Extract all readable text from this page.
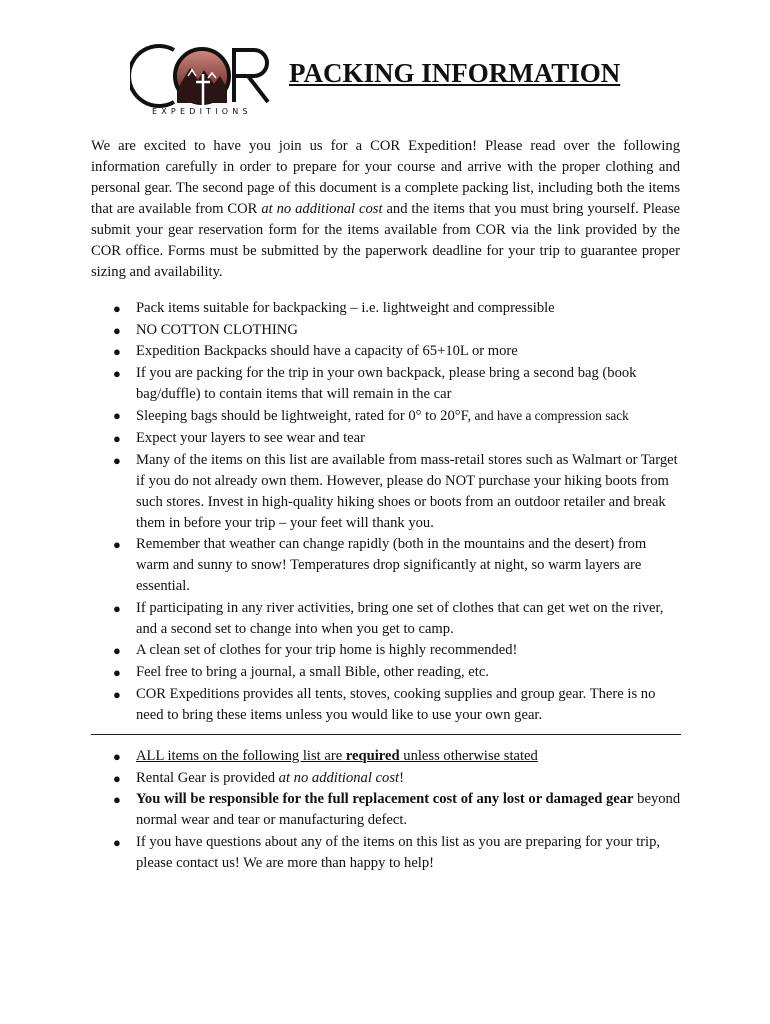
EXPEDITIONS
PACKING INFORMATION

We are excited to have you join us for a COR Expedition! Please read over the following information carefully in order to prepare for your course and arrive with the proper clothing and personal gear. The second page of this document is a complete packing list, including both the items that are available from COR at no additional cost and the items that you must bring yourself. Please submit your gear reservation form for the items available from COR via the link provided by the COR office. Forms must be submitted by the paperwork deadline for your trip to guarantee proper sizing and availability.

● Pack items suitable for backpacking – i.e. lightweight and compressible
● NO COTTON CLOTHING
● Expedition Backpacks should have a capacity of 65+10L or more
● If you are packing for the trip in your own backpack, please bring a second bag (book bag/duffle) to contain items that will remain in the car
● Sleeping bags should be lightweight, rated for 0° to 20°F, and have a compression sack
● Expect your layers to see wear and tear
● Many of the items on this list are available from mass-retail stores such as Walmart or Target if you do not already own them. However, please do NOT purchase your hiking boots from such stores. Invest in high-quality hiking shoes or boots from an outdoor retailer and break them in before your trip – your feet will thank you.
● Remember that weather can change rapidly (both in the mountains and the desert) from warm and sunny to snow! Temperatures drop significantly at night, so warm layers are essential.
● If participating in any river activities, bring one set of clothes that can get wet on the river, and a second set to change into when you get to camp.
● A clean set of clothes for your trip home is highly recommended!
● Feel free to bring a journal, a small Bible, other reading, etc.
● COR Expeditions provides all tents, stoves, cooking supplies and group gear. There is no need to bring these items unless you would like to use your own gear.
● ALL items on the following list are required unless otherwise stated
● Rental Gear is provided at no additional cost!
● You will be responsible for the full replacement cost of any lost or damaged gear beyond normal wear and tear or manufacturing defect.
● If you have questions about any of the items on this list as you are preparing for your trip, please contact us! We are more than happy to help!
